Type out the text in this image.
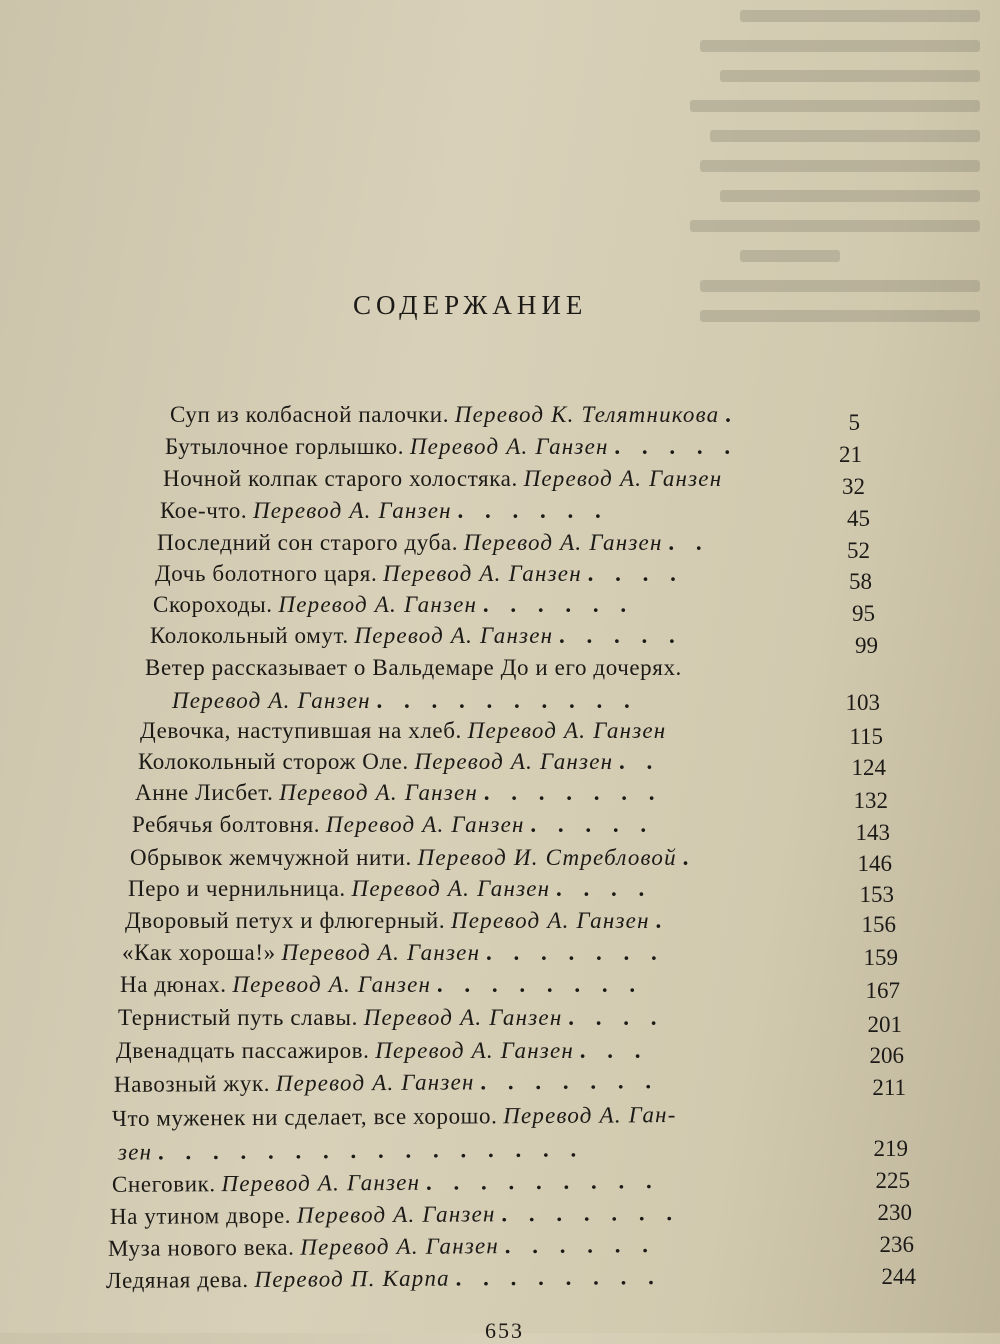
СОДЕРЖАНИЕ
Суп из колбасной палочки. Перевод К. Телятникова .	5
Бутылочное горлышко. Перевод А. Ганзен . . . . .	21
Ночной колпак старого холостяка. Перевод А. Ганзен	32
Кое-что. Перевод А. Ганзен . . . . . .	45
Последний сон старого дуба. Перевод А. Ганзен . .	52
Дочь болотного царя. Перевод А. Ганзен . . . .	58
Скороходы. Перевод А. Ганзен . . . . . .	95
Колокольный омут. Перевод А. Ганзен . . . . .	99
Ветер рассказывает о Вальдемаре До и его дочерях.
Перевод А. Ганзен . . . . . . . . . .	103
Девочка, наступившая на хлеб. Перевод А. Ганзен	115
Колокольный сторож Оле. Перевод А. Ганзен . .	124
Анне Лисбет. Перевод А. Ганзен . . . . . . .	132
Ребячья болтовня. Перевод А. Ганзен . . . . .	143
Обрывок жемчужной нити. Перевод И. Стребловой .	146
Перо и чернильница. Перевод А. Ганзен . . . .	153
Дворовый петух и флюгерный. Перевод А. Ганзен .	156
«Как хороша!» Перевод А. Ганзен . . . . . . .	159
На дюнах. Перевод А. Ганзен . . . . . . . .	167
Тернистый путь славы. Перевод А. Ганзен . . . .	201
Двенадцать пассажиров. Перевод А. Ганзен . . .	206
Навозный жук. Перевод А. Ганзен . . . . . . .	211
Что муженек ни сделает, все хорошо. Перевод А. Ган-
зен . . . . . . . . . . . . . . . .	219
Снеговик. Перевод А. Ганзен . . . . . . . . .	225
На утином дворе. Перевод А. Ганзен . . . . . . .	230
Муза нового века. Перевод А. Ганзен . . . . . .	236
Ледяная дева. Перевод П. Карпа . . . . . . . .	244
653
